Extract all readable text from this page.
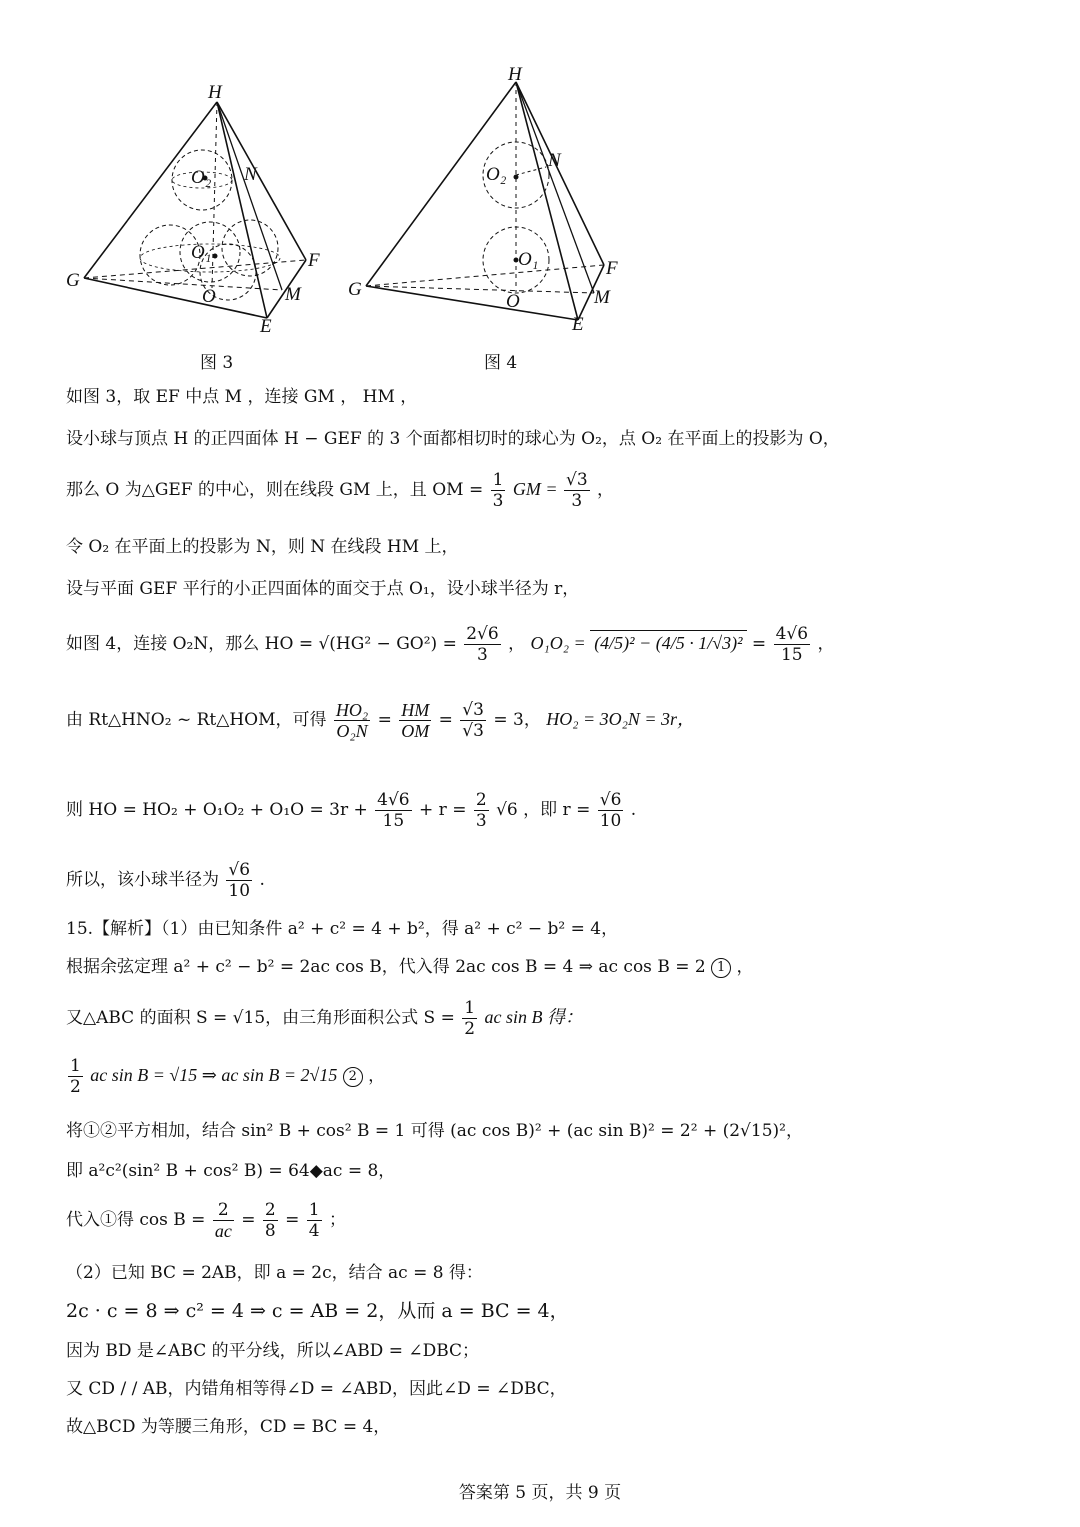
H
N
O₂
O₁
G
F
O	M
E
图 3
H
N
O₂
O₁
G
F
O	M
E
图 4
如图 3，取 EF 中点 M ，连接 GM ， HM ，
设小球与顶点 H 的正四面体 H − GEF 的 3 个面都相切时的球心为 O₂，点 O₂ 在平面上的投影为 O，
那么 O 为△GEF 的中心，则在线段 GM 上，且 OM = $\frac{1}{3}$ GM = $\frac{√3}{3}$ ，
令 O₂ 在平面上的投影为 N，则 N 在线段 HM 上，
设与平面 GEF 平行的小正四面体的面交于点 O₁，设小球半径为 r，
如图 4，连接 O₂N，那么 HO = $√(HG^2 - GO^2) = \frac{2√6}{3}$ ， $O_1O_2 = (4/5)^2 - (4/5 \cdot 1/√3)^2 = \frac{4√6}{15}$ ，
由 Rt△HNO₂ ~ Rt△HOM，可得 $\frac{\text{HO₂}}{\text{O₂N}} = \frac{HM}{OM} = \frac{√3}{√3} = 3$， HO₂ = 3O₂N = 3r，
则 HO = $HO_2 + O_1O_2 + O_1O = 3r + \frac{4√6}{15} + r = \frac{2}{3} √6$ ，即 $r = \frac{√6}{10}$ .
所以，该小球半径为 $\frac{√6}{10}$ .
15.【解析】（1）由已知条件 a² + c² = 4 + b²，得 a² + c² − b² = 4，
根据余弦定理 a² + c² − b² = 2ac cos B，代入得 2ac cos B = 4 ⇒ ac cos B = 2 1 ，
又△ABC 的面积 S = √15，由三角形面积公式 $S = \frac{1}{2}$ ac sin B 得：
$\frac{1}{2}$ ac sin B = √15 ⇒ ac sin B = 2√15 2 ，
将①②平方相加，结合 sin² B + cos² B = 1 可得 (ac cos B)² + (ac sin B)² = 2² + (2√15)²，
即 a²c²(sin² B + cos² B) = 64◆ac = 8，
代入①得 $\cos B = \frac{2}{ac} = \frac{2}{8} = \frac{1}{4}$ ；
（2）已知 BC = 2AB，即 a = 2c，结合 ac = 8 得：
2c · c = 8 ⇒ c² = 4 ⇒ c = AB = 2，从而 a = BC = 4，
因为 BD 是∠ABC 的平分线，所以∠ABD = ∠DBC；
又 CD / / AB，内错角相等得∠D = ∠ABD，因此∠D = ∠DBC，
故△BCD 为等腰三角形，CD = BC = 4，
答案第 5 页，共 9 页
